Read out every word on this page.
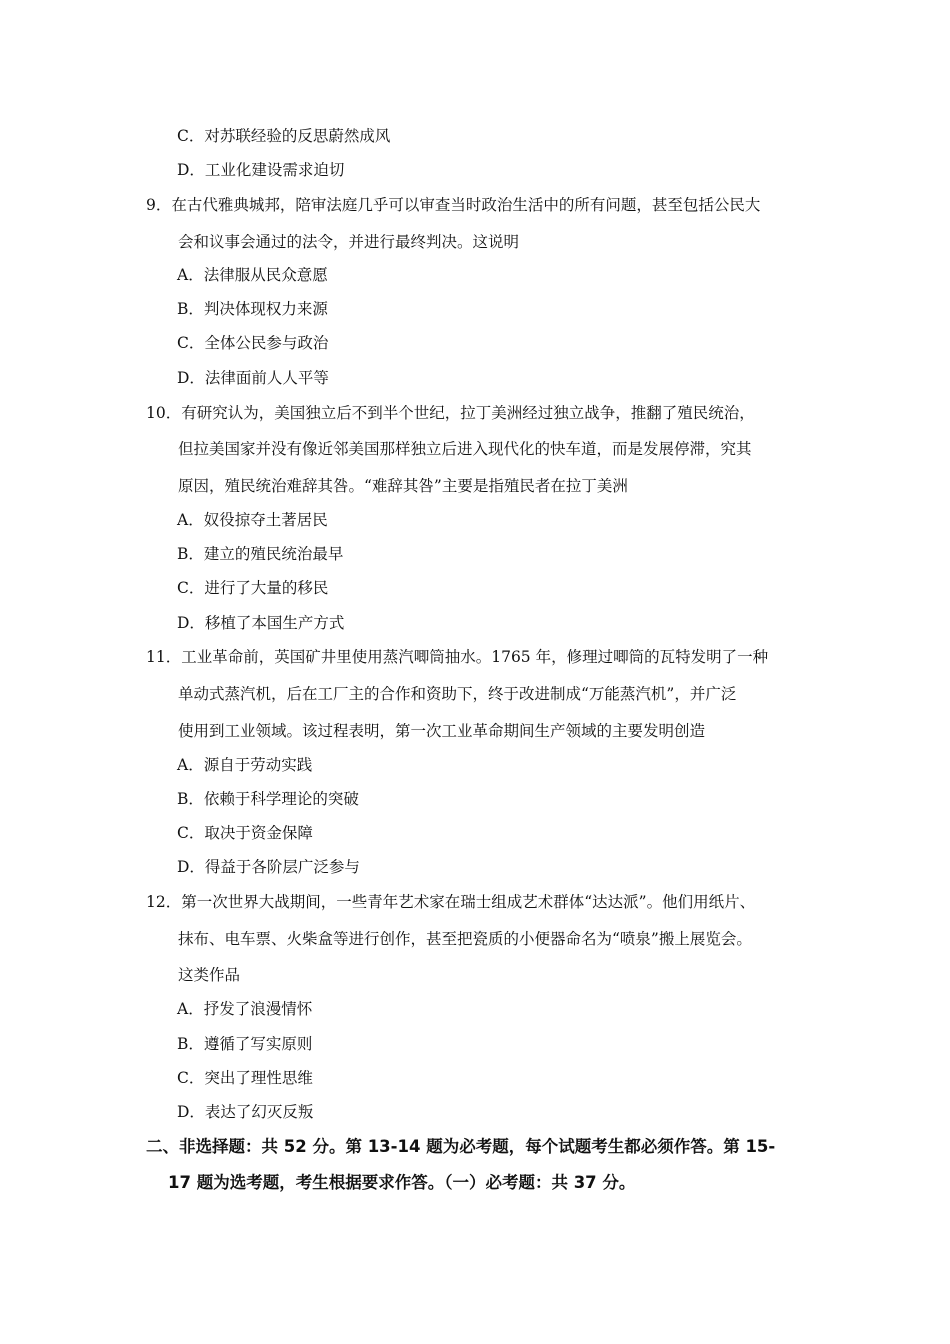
C．对苏联经验的反思蔚然成风
D．工业化建设需求迫切
9．在古代雅典城邦，陪审法庭几乎可以审查当时政治生活中的所有问题，甚至包括公民大
会和议事会通过的法令，并进行最终判决。这说明
A．法律服从民众意愿
B．判决体现权力来源
C．全体公民参与政治
D．法律面前人人平等
10．有研究认为，美国独立后不到半个世纪，拉丁美洲经过独立战争，推翻了殖民统治，
但拉美国家并没有像近邻美国那样独立后进入现代化的快车道，而是发展停滞，究其
原因，殖民统治难辞其咎。“难辞其咎”主要是指殖民者在拉丁美洲
A．奴役掠夺土著居民
B．建立的殖民统治最早
C．进行了大量的移民
D．移植了本国生产方式
11．工业革命前，英国矿井里使用蒸汽唧筒抽水。1765 年，修理过唧筒的瓦特发明了一种
单动式蒸汽机，后在工厂主的合作和资助下，终于改进制成“万能蒸汽机”，并广泛
使用到工业领域。该过程表明，第一次工业革命期间生产领域的主要发明创造
A．源自于劳动实践
B．依赖于科学理论的突破
C．取决于资金保障
D．得益于各阶层广泛参与
12．第一次世界大战期间，一些青年艺术家在瑞士组成艺术群体“达达派”。他们用纸片、
抹布、电车票、火柴盒等进行创作，甚至把瓷质的小便器命名为“喷泉”搬上展览会。
这类作品
A．抒发了浪漫情怀
B．遵循了写实原则
C．突出了理性思维
D．表达了幻灭反叛
二、非选择题：共 52 分。第 13-14 题为必考题，每个试题考生都必须作答。第 15-
17 题为选考题，考生根据要求作答。（一）必考题：共 37 分。
